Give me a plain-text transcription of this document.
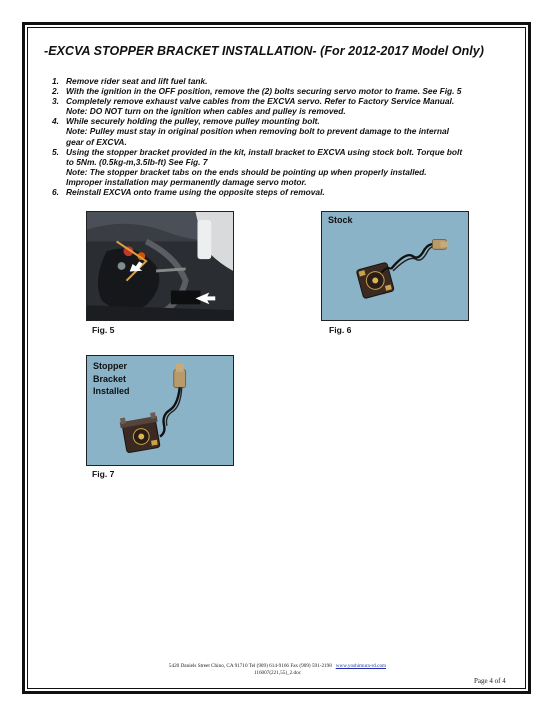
-EXCVA STOPPER BRACKET INSTALLATION- (For 2012-2017 Model Only)
1. Remove rider seat and lift fuel tank.
2. With the ignition in the OFF position, remove the (2) bolts securing servo motor to frame. See Fig. 5
3. Completely remove exhaust valve cables from the EXCVA servo. Refer to Factory Service Manual.
Note: DO NOT turn on the ignition when cables and pulley is removed.
4. While securely holding the pulley, remove pulley mounting bolt.
Note: Pulley must stay in original position when removing bolt to prevent damage to the internal
gear of EXCVA.
5. Using the stopper bracket provided in the kit, install bracket to EXCVA using stock bolt. Torque bolt
to 5Nm. (0.5kg-m,3.5lb-ft) See Fig. 7
Note: The stopper bracket tabs on the ends should be pointing up when properly installed.
Improper installation may permanently damage servo motor.
6. Reinstall EXCVA onto frame using the opposite steps of removal.
Fig. 5
Stock
Fig. 6
Stopper
Bracket
Installed
Fig. 7
5420 Daniels Street Chino, CA 91710 Tel (909) 614-9166 Fax (909) 591-2198 www.yoshimura-rd.com
116007(221,55)_2.doc
Page 4 of 4
